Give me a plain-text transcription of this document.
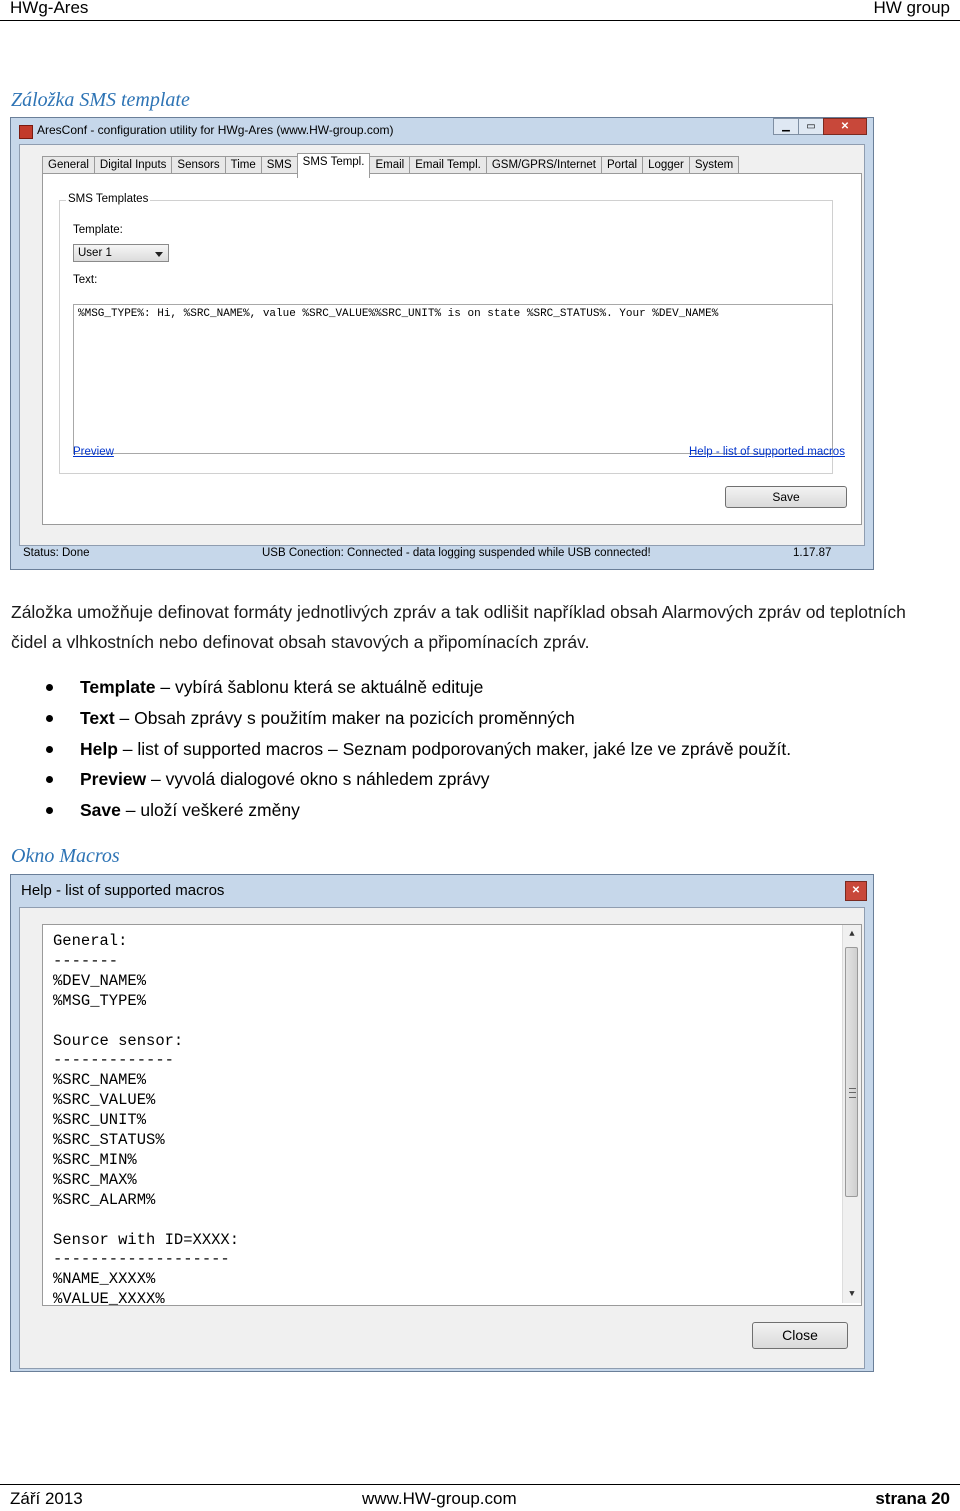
HWg-Ares	HW group
Záložka SMS template
AresConf - configuration utility for HWg-Ares (www.HW-group.com)	▁	▭	✕
General Digital Inputs Sensors Time SMS SMS Templ. Email Email Templ. GSM/GPRS/Internet Portal Logger System
SMS Templates
Template:
User 1
Text:
%MSG_TYPE%: Hi, %SRC_NAME%, value %SRC_VALUE%%SRC_UNIT% is on state %SRC_STATUS%. Your %DEV_NAME%
Preview	Help - list of supported macros
Save
Status: Done	USB Conection: Connected - data logging suspended while USB connected!	1.17.87
Záložka umožňuje definovat formáty jednotlivých zpráv a tak odlišit například obsah Alarmových zpráv od teplotních čidel a vlhkostních nebo definovat obsah stavových a připomínacích zpráv.
Template – vybírá šablonu která se aktuálně edituje
Text – Obsah zprávy s použitím maker na pozicích proměnných
Help – list of supported macros – Seznam podporovaných maker, jaké lze ve zprávě použít.
Preview – vyvolá dialogové okno s náhledem zprávy
Save – uloží veškeré změny
Okno Macros
Help - list of supported macros	✕
General:
-------
%DEV_NAME%
%MSG_TYPE%
Source sensor:
-------------
%SRC_NAME%
%SRC_VALUE%
%SRC_UNIT%
%SRC_STATUS%
%SRC_MIN%
%SRC_MAX%
%SRC_ALARM%
Sensor with ID=XXXX:
-------------------
%NAME_XXXX%
%VALUE_XXXX%
▲
▼
Close
Září 2013	www.HW-group.com	strana 20
